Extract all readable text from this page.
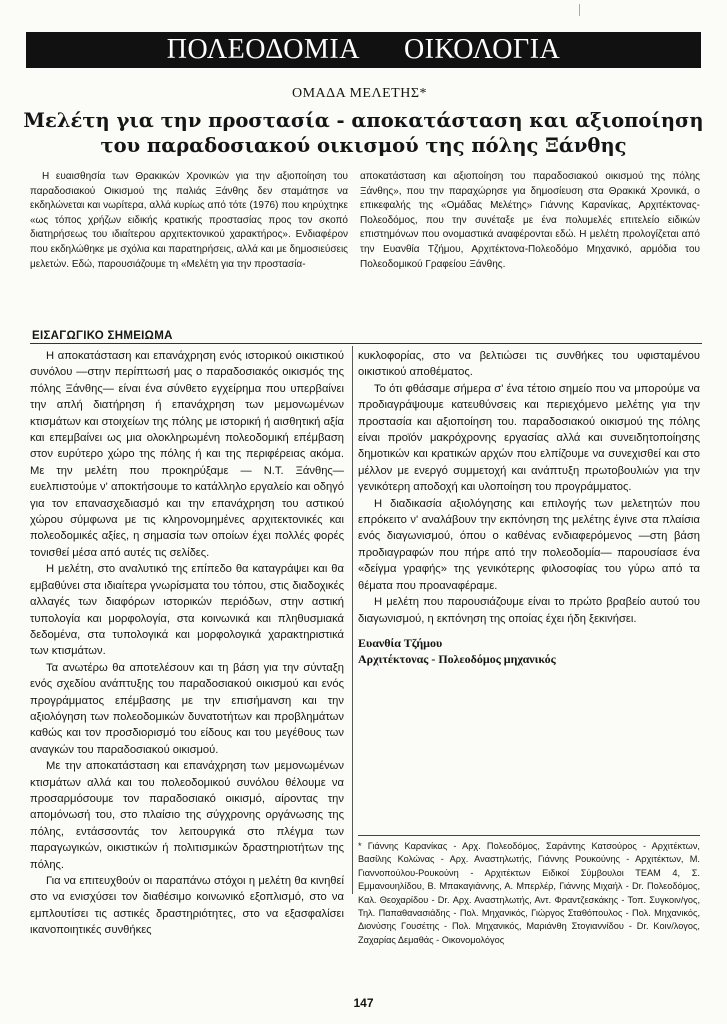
ΠΟΛΕΟΔΟΜΙΑ ΟΙΚΟΛΟΓΙΑ
ΟΜΑΔΑ ΜΕΛΕΤΗΣ*
Μελέτη για την προστασία - αποκατάσταση και αξιοποίηση
του παραδοσιακού οικισμού της πόλης Ξάνθης
Η ευαισθησία των Θρακικών Χρονικών για την αξιοποίηση του παραδοσιακού Οικισμού της παλιάς Ξάνθης δεν σταμάτησε να εκδηλώνεται και νωρίτερα, αλλά κυρίως από τότε (1976) που κηρύχτηκε «ως τόπος χρήζων ειδικής κρατικής προστασίας προς τον σκοπό διατηρήσεως του ιδιαίτερου αρχιτεκτονικού χαρακτήρος». Ενδιαφέρον που εκδηλώθηκε με σχόλια και παρατηρήσεις, αλλά και με δημοσιεύσεις μελετών. Εδώ, παρουσιάζουμε τη «Μελέτη για την προστασία-
αποκατάσταση και αξιοποίηση του παραδοσιακού οικισμού της πόλης Ξάνθης», που την παραχώρησε για δημοσίευση στα Θρακικά Χρονικά, ο επικεφαλής της «Ομάδας Μελέτης» Γιάννης Καρανίκας, Αρχιτέκτονας-Πολεοδόμος, που την συνέταξε με ένα πολυμελές επιτελείο ειδικών επιστημόνων που ονομαστικά αναφέρονται εδώ. Η μελέτη προλογίζεται από την Ευανθία Τζήμου, Αρχιτέκτονα-Πολεοδόμο Μηχανικό, αρμόδια του Πολεοδομικού Γραφείου Ξάνθης.
ΕΙΣΑΓΩΓΙΚΟ ΣΗΜΕΙΩΜΑ

Η αποκατάσταση και επανάχρηση ενός ιστορικού οικιστικού συνόλου —στην περίπτωσή μας ο παραδοσιακός οικισμός της πόλης Ξάνθης— είναι ένα σύνθετο εγχείρημα που υπερβαίνει την απλή διατήρηση ή επανάχρηση των μεμονωμένων κτισμάτων και στοιχείων της πόλης με ιστορική ή αισθητική αξία και επεμβαίνει ως μια ολοκληρωμένη πολεοδομική επέμβαση στον ευρύτερο χώρο της πόλης ή και της περιφέρειας ακόμα. Με την μελέτη που προκηρύξαμε — Ν.Τ. Ξάνθης— ευελπιστούμε ν' αποκτήσουμε το κατάλληλο εργαλείο και οδηγό για τον επανασχεδιασμό και την επανάχρηση του αστικού χώρου σύμφωνα με τις κληρονομημένες αρχιτεκτονικές και πολεοδομικές αξίες, η σημασία των οποίων έχει πολλές φορές τονισθεί μέσα από αυτές τις σελίδες.

Η μελέτη, στο αναλυτικό της επίπεδο θα καταγράψει και θα εμβαθύνει στα ιδιαίτερα γνωρίσματα του τόπου, στις διαδοχικές αλλαγές των διαφόρων ιστορικών περιόδων, στην αστική τυπολογία και μορφολογία, στα κοινωνικά και πληθυσμιακά δεδομένα, στα τυπολογικά και μορφολογικά χαρακτηριστικά των κτισμάτων.

Τα ανωτέρω θα αποτελέσουν και τη βάση για την σύνταξη ενός σχεδίου ανάπτυξης του παραδοσιακού οικισμού και ενός προγράμματος επέμβασης με την επισήμανση και την αξιολόγηση των πολεοδομικών δυνατοτήτων και προβλημάτων καθώς και τον προσδιορισμό του είδους και του μεγέθους των αναγκών του παραδοσιακού οικισμού.

Με την αποκατάσταση και επανάχρηση των μεμονωμένων κτισμάτων αλλά και του πολεοδομικού συνόλου θέλουμε να προσαρμόσουμε τον παραδοσιακό οικισμό, αίροντας την απομόνωσή του, στο πλαίσιο της σύγχρονης οργάνωσης της πόλης, εντάσσοντάς τον λειτουργικά στο πλέγμα των παραγωγικών, οικιστικών ή πολιτισμικών δραστηριοτήτων της πόλης.

Για να επιτευχθούν οι παραπάνω στόχοι η μελέτη θα κινηθεί στο να ενισχύσει τον διαθέσιμο κοινωνικό εξοπλισμό, στο να εμπλουτίσει τις αστικές δραστηριότητες, στο να εξασφαλίσει ικανοποιητικές συνθήκες

κυκλοφορίας, στο να βελτιώσει τις συνθήκες του υφισταμένου οικιστικού αποθέματος.

Το ότι φθάσαμε σήμερα σ' ένα τέτοιο σημείο που να μπορούμε να προδιαγράψουμε κατευθύνσεις και περιεχόμενο μελέτης για την προστασία και αξιοποίηση του. παραδοσιακού οικισμού της πόλης είναι προϊόν μακρόχρονης εργασίας αλλά και συνειδητοποίησης δημοτικών και κρατικών αρχών που ελπίζουμε να συνεχισθεί και στο μέλλον με ενεργό συμμετοχή και ανάπτυξη πρωτοβουλιών για την γενικότερη αποδοχή και υλοποίηση του προγράμματος.

Η διαδικασία αξιολόγησης και επιλογής των μελετητών που επρόκειτο ν' αναλάβουν την εκπόνηση της μελέτης έγινε στα πλαίσια ενός διαγωνισμού, όπου ο καθένας ενδιαφερόμενος —στη βάση προδιαγραφών που πήρε από την πολεοδομία— παρουσίασε ένα «δείγμα γραφής» της γενικότερης φιλοσοφίας του γύρω από τα θέματα που προαναφέραμε.

Η μελέτη που παρουσιάζουμε είναι το πρώτο βραβείο αυτού του διαγωνισμού, η εκπόνηση της οποίας έχει ήδη ξεκινήσει.

Ευανθία Τζήμου
Αρχιτέκτονας - Πολεοδόμος μηχανικός
* Γιάννης Καρανίκας - Αρχ. Πολεοδόμος, Σαράντης Κατσούρος - Αρχιτέκτων, Βασίλης Κολώνας - Αρχ. Αναστηλωτής, Γιάννης Ρουκούνης - Αρχιτέκτων, Μ. Γιαννοπούλου-Ρουκούνη - Αρχιτέκτων Ειδικοί Σύμβουλοι ΤΕΑΜ 4, Σ. Εμμανουηλίδου, Β. Μπακαγιάννης, Α. Μπερλέρ, Γιάννης Μιχαήλ - Dr. Πολεοδόμος, Καλ. Θεοχαρίδου - Dr. Αρχ. Αναστηλωτής, Αντ. Φραντζεσκάκης - Τοπ. Συγκοιν/γος, Τηλ. Παπαθανασιάδης - Πολ. Μηχανικός, Γιώργος Σταθόπουλος - Πολ. Μηχανικός, Διονύσης Γουσέτης - Πολ. Μηχανικός, Μαριάνθη Στογιαννίδου - Dr. Κοιν/λογος, Ζαχαρίας Δεμαθάς - Οικονομολόγος
147
